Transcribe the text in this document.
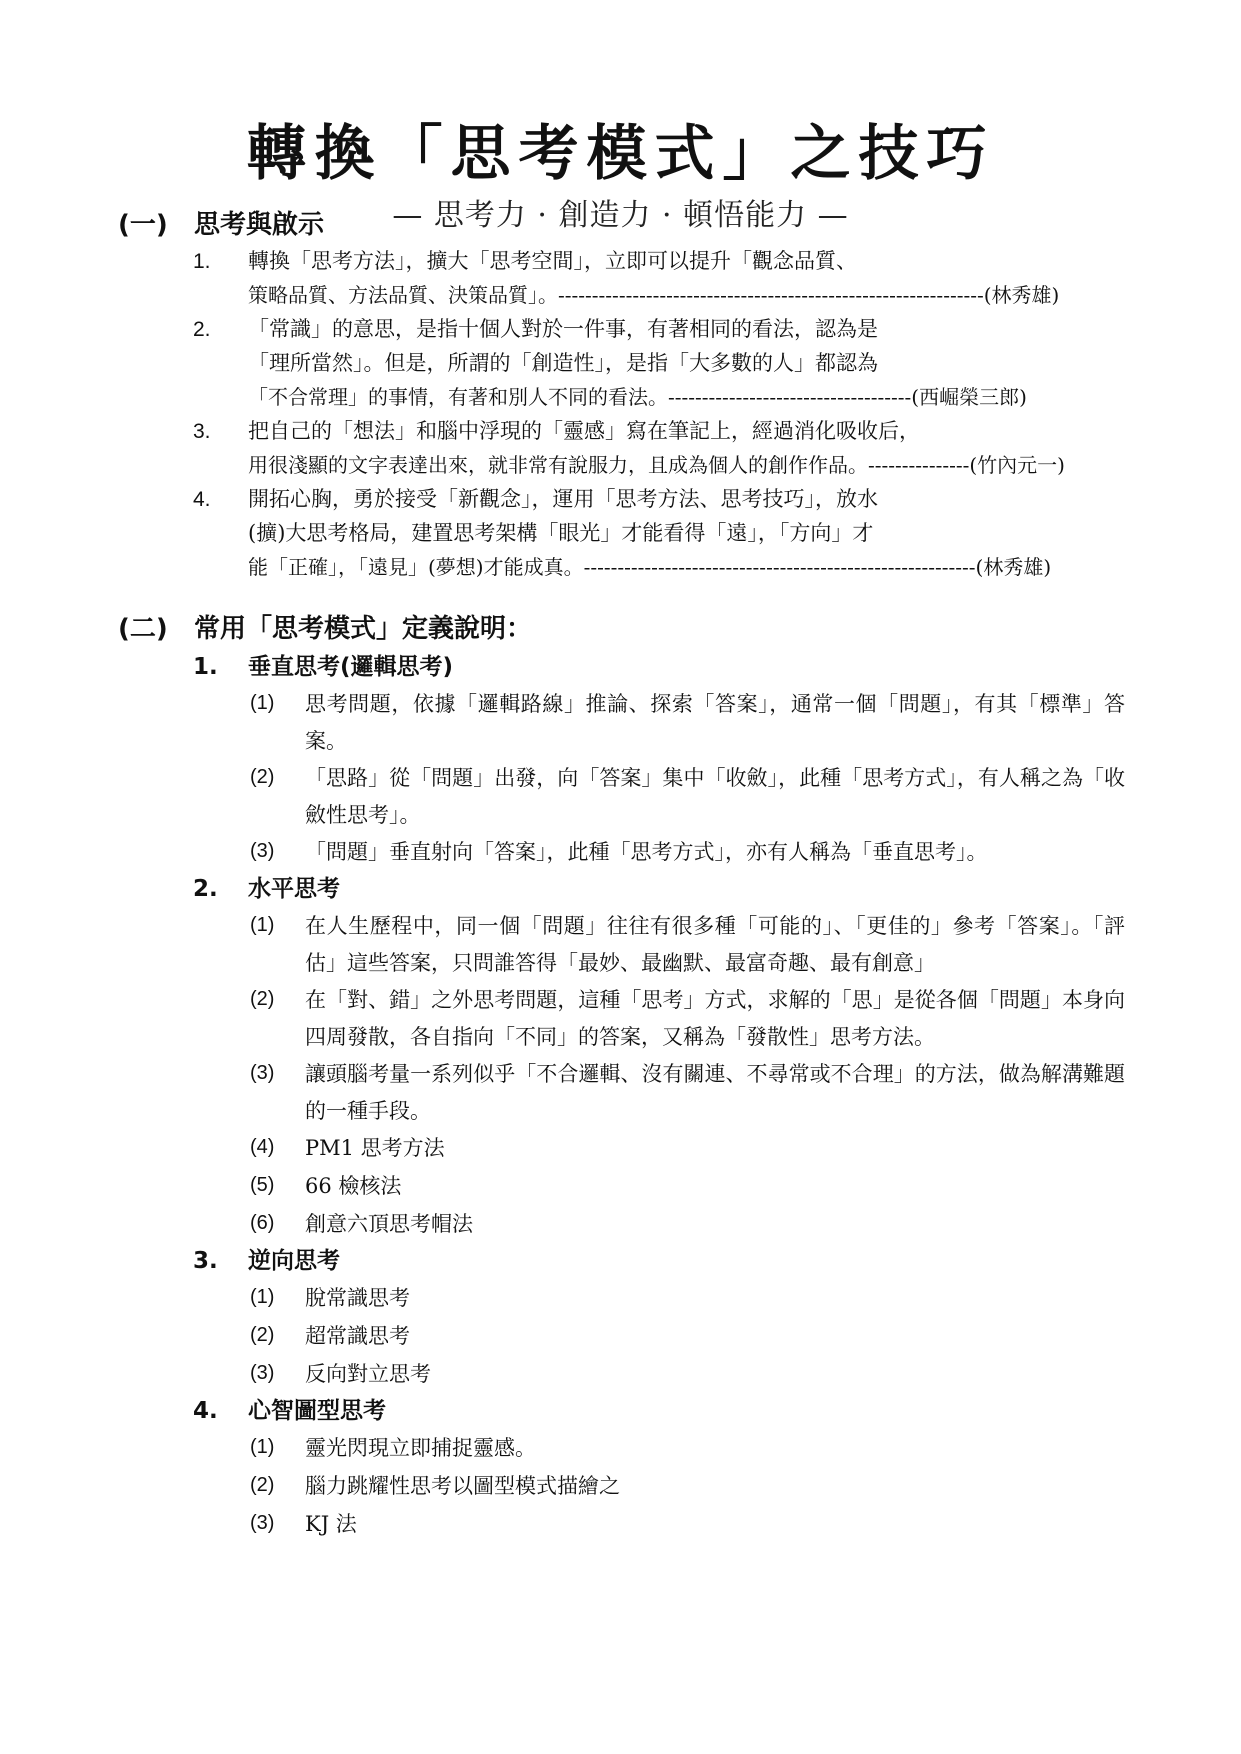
轉換「思考模式」之技巧
— 思考力 · 創造力 · 頓悟能力 —
(一) 思考與啟示
1.	轉換「思考方法」，擴大「思考空間」，立即可以提升「觀念品質、
策略品質、方法品質、決策品質」。---------------------------------------------------------------(林秀雄)
2.	「常識」的意思，是指十個人對於一件事，有著相同的看法，認為是
「理所當然」。但是，所謂的「創造性」，是指「大多數的人」都認為
「不合常理」的事情，有著和別人不同的看法。------------------------------------(西崛榮三郎)
3.	把自己的「想法」和腦中浮現的「靈感」寫在筆記上，經過消化吸收后，
用很淺顯的文字表達出來，就非常有說服力，且成為個人的創作作品。---------------(竹內元一)
4.	開拓心胸，勇於接受「新觀念」，運用「思考方法、思考技巧」，放水
(擴)大思考格局，建置思考架構「眼光」才能看得「遠」，「方向」才
能「正確」，「遠見」(夢想)才能成真。----------------------------------------------------------(林秀雄)
(二) 常用「思考模式」定義說明：
1. 垂直思考(邏輯思考)
(1) 思考問題，依據「邏輯路線」推論、探索「答案」，通常一個「問題」，有其「標準」答案。
(2) 「思路」從「問題」出發，向「答案」集中「收斂」，此種「思考方式」，有人稱之為「收斂性思考」。
(3) 「問題」垂直射向「答案」，此種「思考方式」，亦有人稱為「垂直思考」。
2. 水平思考
(1) 在人生歷程中，同一個「問題」往往有很多種「可能的」、「更佳的」參考「答案」。「評估」這些答案，只問誰答得「最妙、最幽默、最富奇趣、最有創意」
(2) 在「對、錯」之外思考問題，這種「思考」方式，求解的「思」是從各個「問題」本身向四周發散，各自指向「不同」的答案，又稱為「發散性」思考方法。
(3) 讓頭腦考量一系列似乎「不合邏輯、沒有關連、不尋常或不合理」的方法，做為解溝難題的一種手段。
(4) PM1 思考方法
(5) 66 檢核法
(6) 創意六頂思考帽法
3. 逆向思考
(1) 脫常識思考
(2) 超常識思考
(3) 反向對立思考
4. 心智圖型思考
(1) 靈光閃現立即捕捉靈感。
(2) 腦力跳耀性思考以圖型模式描繪之
(3) KJ 法
